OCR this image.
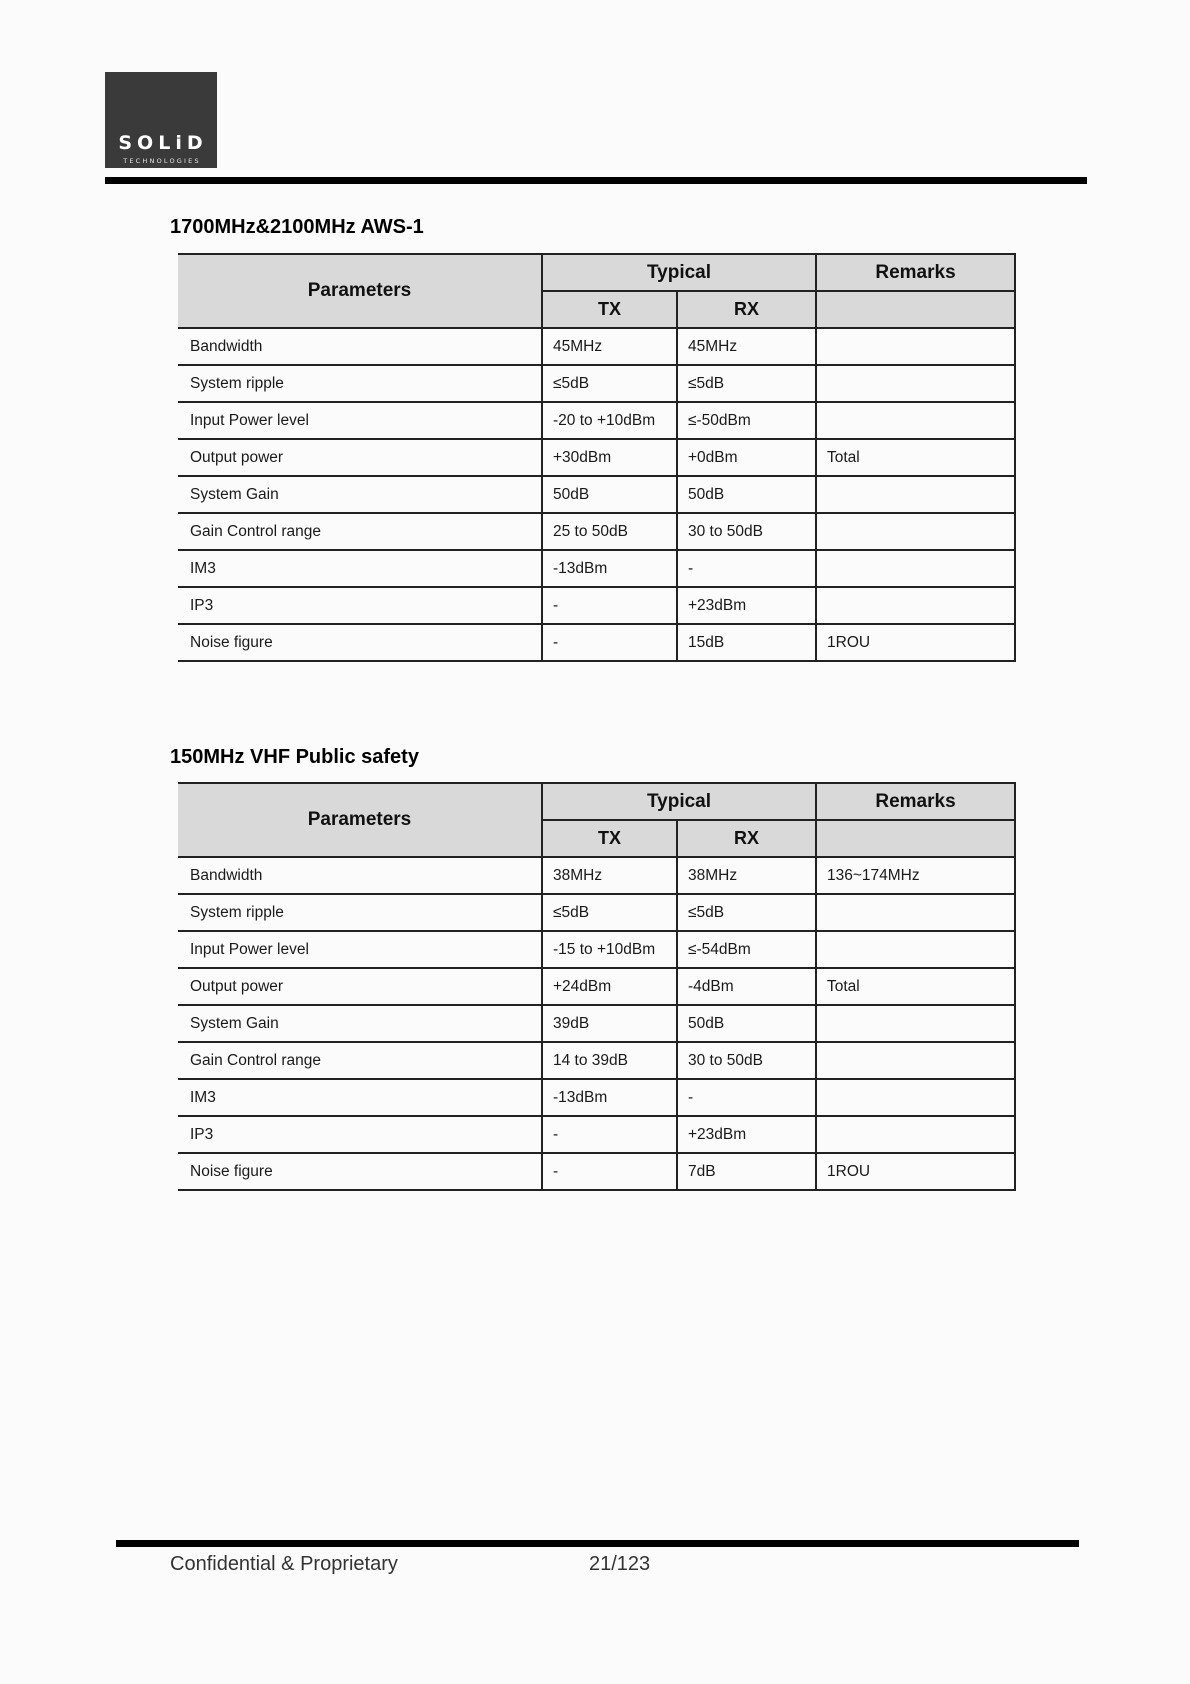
SOLiD
TECHNOLOGIES
1700MHz&2100MHz AWS-1
Parameters	Typical		Remarks
	TX	RX	
Bandwidth	45MHz	45MHz	
System ripple	≤5dB	≤5dB	
Input Power level	-20 to +10dBm	≤-50dBm	
Output power	+30dBm	+0dBm	Total
System Gain	50dB	50dB	
Gain Control range	25 to 50dB	30 to 50dB	
IM3	-13dBm	-	
IP3	-	+23dBm	
Noise figure	-	15dB	1ROU
150MHz VHF Public safety
Parameters	Typical		Remarks
	TX	RX	
Bandwidth	38MHz	38MHz	136~174MHz
System ripple	≤5dB	≤5dB	
Input Power level	-15 to +10dBm	≤-54dBm	
Output power	+24dBm	-4dBm	Total
System Gain	39dB	50dB	
Gain Control range	14 to 39dB	30 to 50dB	
IM3	-13dBm	-	
IP3	-	+23dBm	
Noise figure	-	7dB	1ROU
Confidential & Proprietary	21/123
